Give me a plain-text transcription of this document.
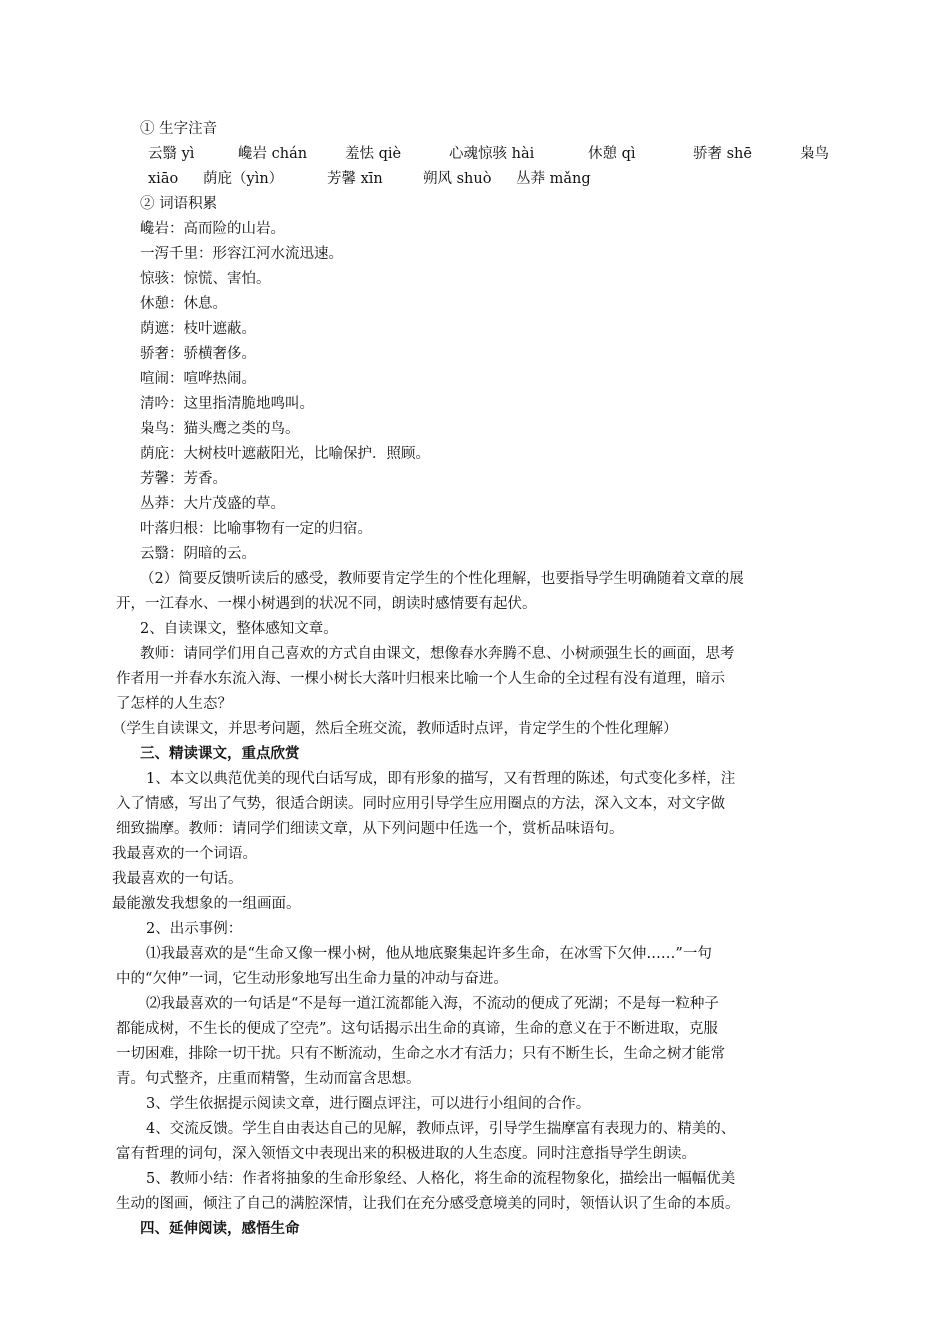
① 生字注音
云翳 yì	巉岩 chán	羞怯 qiè	心魂惊骇 hài	休憩 qì	骄奢 shē	枭鸟
xiāo 荫庇（yìn）	芳馨 xīn	朔风 shuò 丛莽 mǎng
② 词语积累
巉岩：高而险的山岩。
一泻千里：形容江河水流迅速。
惊骇：惊慌、害怕。
休憩：休息。
荫遮：枝叶遮蔽。
骄奢：骄横奢侈。
喧闹：喧哗热闹。
清吟：这里指清脆地鸣叫。
枭鸟：猫头鹰之类的鸟。
荫庇：大树枝叶遮蔽阳光，比喻保护．照顾。
芳馨：芳香。
丛莽：大片茂盛的草。
叶落归根：比喻事物有一定的归宿。
云翳：阴暗的云。
（2）简要反馈听读后的感受，教师要肯定学生的个性化理解，也要指导学生明确随着文章的展
开，一江春水、一棵小树遇到的状况不同，朗读时感情要有起伏。
2、自读课文，整体感知文章。
教师：请同学们用自己喜欢的方式自由课文，想像春水奔腾不息、小树顽强生长的画面，思考
作者用一并春水东流入海、一棵小树长大落叶归根来比喻一个人生命的全过程有没有道理，暗示
了怎样的人生态？
（学生自读课文，并思考问题，然后全班交流，教师适时点评，肯定学生的个性化理解）
三、精读课文，重点欣赏
1、本文以典范优美的现代白话写成，即有形象的描写，又有哲理的陈述，句式变化多样，注
入了情感，写出了气势，很适合朗读。同时应用引导学生应用圈点的方法，深入文本，对文字做
细致揣摩。教师：请同学们细读文章，从下列问题中任选一个，赏析品味语句。
我最喜欢的一个词语。
我最喜欢的一句话。
最能激发我想象的一组画面。
2、出示事例：
⑴我最喜欢的是“生命又像一棵小树，他从地底聚集起许多生命，在冰雪下欠伸……”一句
中的“欠伸”一词，它生动形象地写出生命力量的冲动与奋进。
⑵我最喜欢的一句话是“不是每一道江流都能入海，不流动的便成了死湖；不是每一粒种子
都能成树，不生长的便成了空壳”。这句话揭示出生命的真谛，生命的意义在于不断进取，克服
一切困难，排除一切干扰。只有不断流动，生命之水才有活力；只有不断生长，生命之树才能常
青。句式整齐，庄重而精警，生动而富含思想。
3、学生依据提示阅读文章，进行圈点评注，可以进行小组间的合作。
4、交流反馈。学生自由表达自己的见解，教师点评，引导学生揣摩富有表现力的、精美的、
富有哲理的词句，深入领悟文中表现出来的积极进取的人生态度。同时注意指导学生朗读。
5、教师小结：作者将抽象的生命形象经、人格化，将生命的流程物象化，描绘出一幅幅优美
生动的图画，倾注了自己的满腔深情，让我们在充分感受意境美的同时，领悟认识了生命的本质。
四、延伸阅读，感悟生命
